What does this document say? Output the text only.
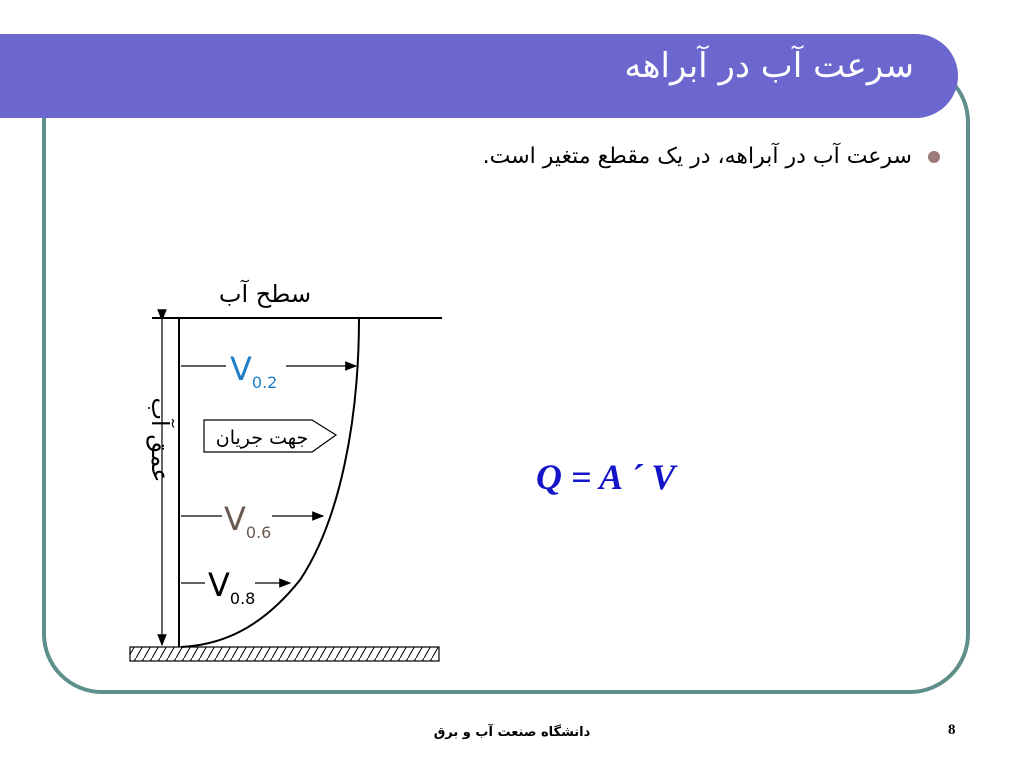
سرعت آب در آبراهه
سرعت آب در آبراهه، در یک مقطع متغیر است.
سطح آب
عمق آب
$V_{0.2}$
جهت جریان
$V_{0.6}$
$V_{0.8}$
Q = A ´ V
دانشگاه صنعت آب و برق	8
